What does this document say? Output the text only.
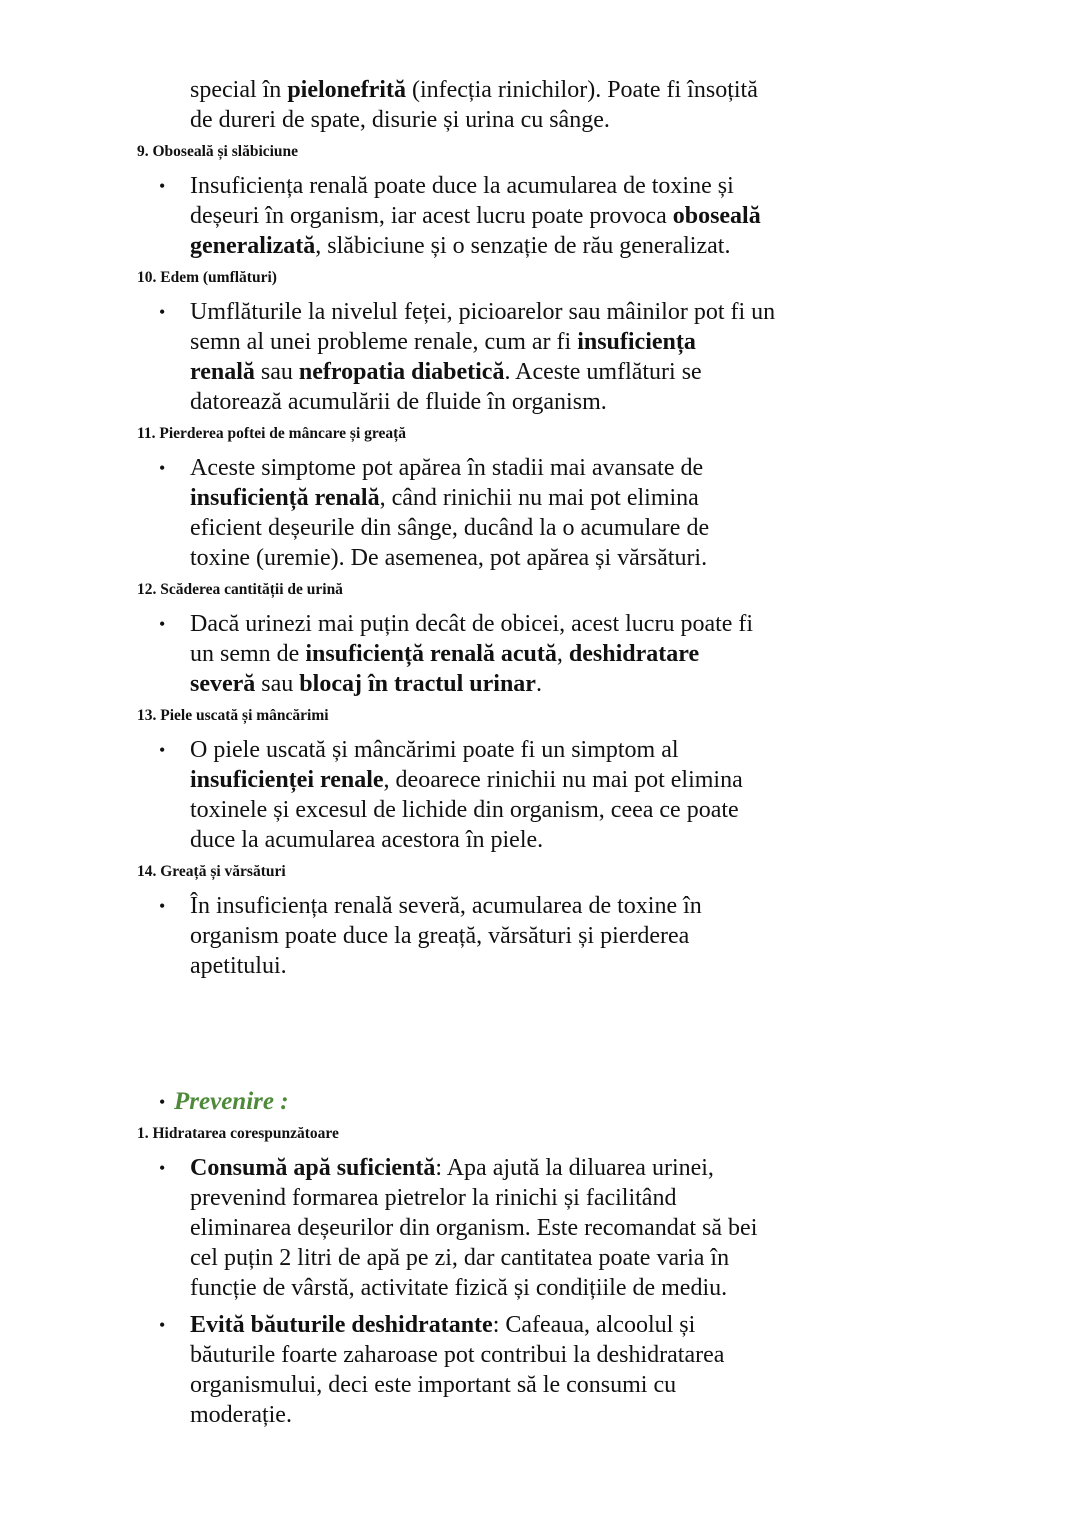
special în pielonefrită (infecția rinichilor). Poate fi însoțită
de dureri de spate, disurie și urina cu sânge.
9. Oboseală și slăbiciune
• Insuficiența renală poate duce la acumularea de toxine și
deșeuri în organism, iar acest lucru poate provoca oboseală
generalizată, slăbiciune și o senzație de rău generalizat.
10. Edem (umflături)
• Umflăturile la nivelul feței, picioarelor sau mâinilor pot fi un
semn al unei probleme renale, cum ar fi insuficiența
renală sau nefropatia diabetică. Aceste umflături se
datorează acumulării de fluide în organism.
11. Pierderea poftei de mâncare și greață
• Aceste simptome pot apărea în stadii mai avansate de
insuficiență renală, când rinichii nu mai pot elimina
eficient deșeurile din sânge, ducând la o acumulare de
toxine (uremie). De asemenea, pot apărea și vărsături.
12. Scăderea cantității de urină
• Dacă urinezi mai puțin decât de obicei, acest lucru poate fi
un semn de insuficiență renală acută, deshidratare
severă sau blocaj în tractul urinar.
13. Piele uscată și mâncărimi
• O piele uscată și mâncărimi poate fi un simptom al
insuficienței renale, deoarece rinichii nu mai pot elimina
toxinele și excesul de lichide din organism, ceea ce poate
duce la acumularea acestora în piele.
14. Greață și vărsături
• În insuficiența renală severă, acumularea de toxine în
organism poate duce la greață, vărsături și pierderea
apetitului.
• Prevenire :
1. Hidratarea corespunzătoare
• Consumă apă suficientă: Apa ajută la diluarea urinei,
prevenind formarea pietrelor la rinichi și facilitând
eliminarea deșeurilor din organism. Este recomandat să bei
cel puțin 2 litri de apă pe zi, dar cantitatea poate varia în
funcție de vârstă, activitate fizică și condițiile de mediu.
• Evită băuturile deshidratante: Cafeaua, alcoolul și
băuturile foarte zaharoase pot contribui la deshidratarea
organismului, deci este important să le consumi cu
moderație.
